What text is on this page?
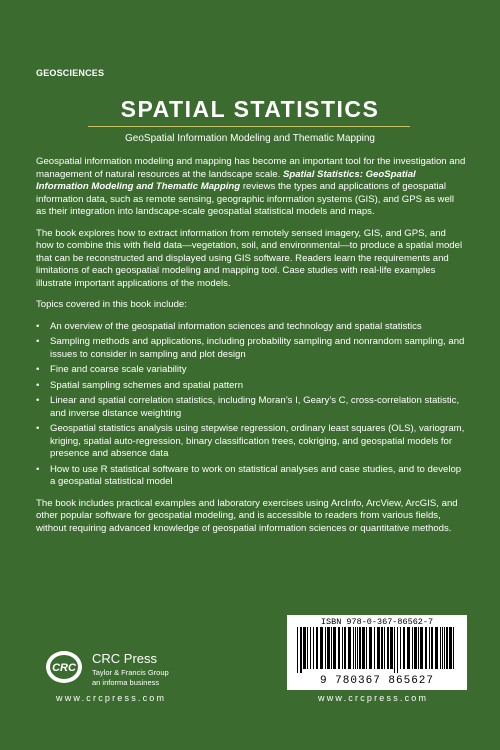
GEOSCIENCES
SPATIAL STATISTICS
GeoSpatial Information Modeling and Thematic Mapping

Geospatial information modeling and mapping has become an important tool for the investigation and management of natural resources at the landscape scale. Spatial Statistics: GeoSpatial Information Modeling and Thematic Mapping reviews the types and applications of geospatial information data, such as remote sensing, geographic information systems (GIS), and GPS as well as their integration into landscape-scale geospatial statistical models and maps.

The book explores how to extract information from remotely sensed imagery, GIS, and GPS, and how to combine this with field data—vegetation, soil, and environmental—to produce a spatial model that can be reconstructed and displayed using GIS software. Readers learn the requirements and limitations of each geospatial modeling and mapping tool. Case studies with real-life examples illustrate important applications of the models.

Topics covered in this book include:

• An overview of the geospatial information sciences and technology and spatial statistics
• Sampling methods and applications, including probability sampling and nonrandom sampling, and issues to consider in sampling and plot design
• Fine and coarse scale variability
• Spatial sampling schemes and spatial pattern
• Linear and spatial correlation statistics, including Moran’s I, Geary’s C, cross-correlation statistic, and inverse distance weighting
• Geospatial statistics analysis using stepwise regression, ordinary least squares (OLS), variogram, kriging, spatial auto-regression, binary classification trees, cokriging, and geospatial models for presence and absence data
• How to use R statistical software to work on statistical analyses and case studies, and to develop a geospatial statistical model

The book includes practical examples and laboratory exercises using ArcInfo, ArcView, ArcGIS, and other popular software for geospatial modeling, and is accessible to readers from various fields, without requiring advanced knowledge of geospatial information sciences or quantitative methods.

CRC
CRC Press
Taylor & Francis Group
an informa business
www.crcpress.com	www.crcpress.com
ISBN 978-0-367-86562-7
9 780367 865627
